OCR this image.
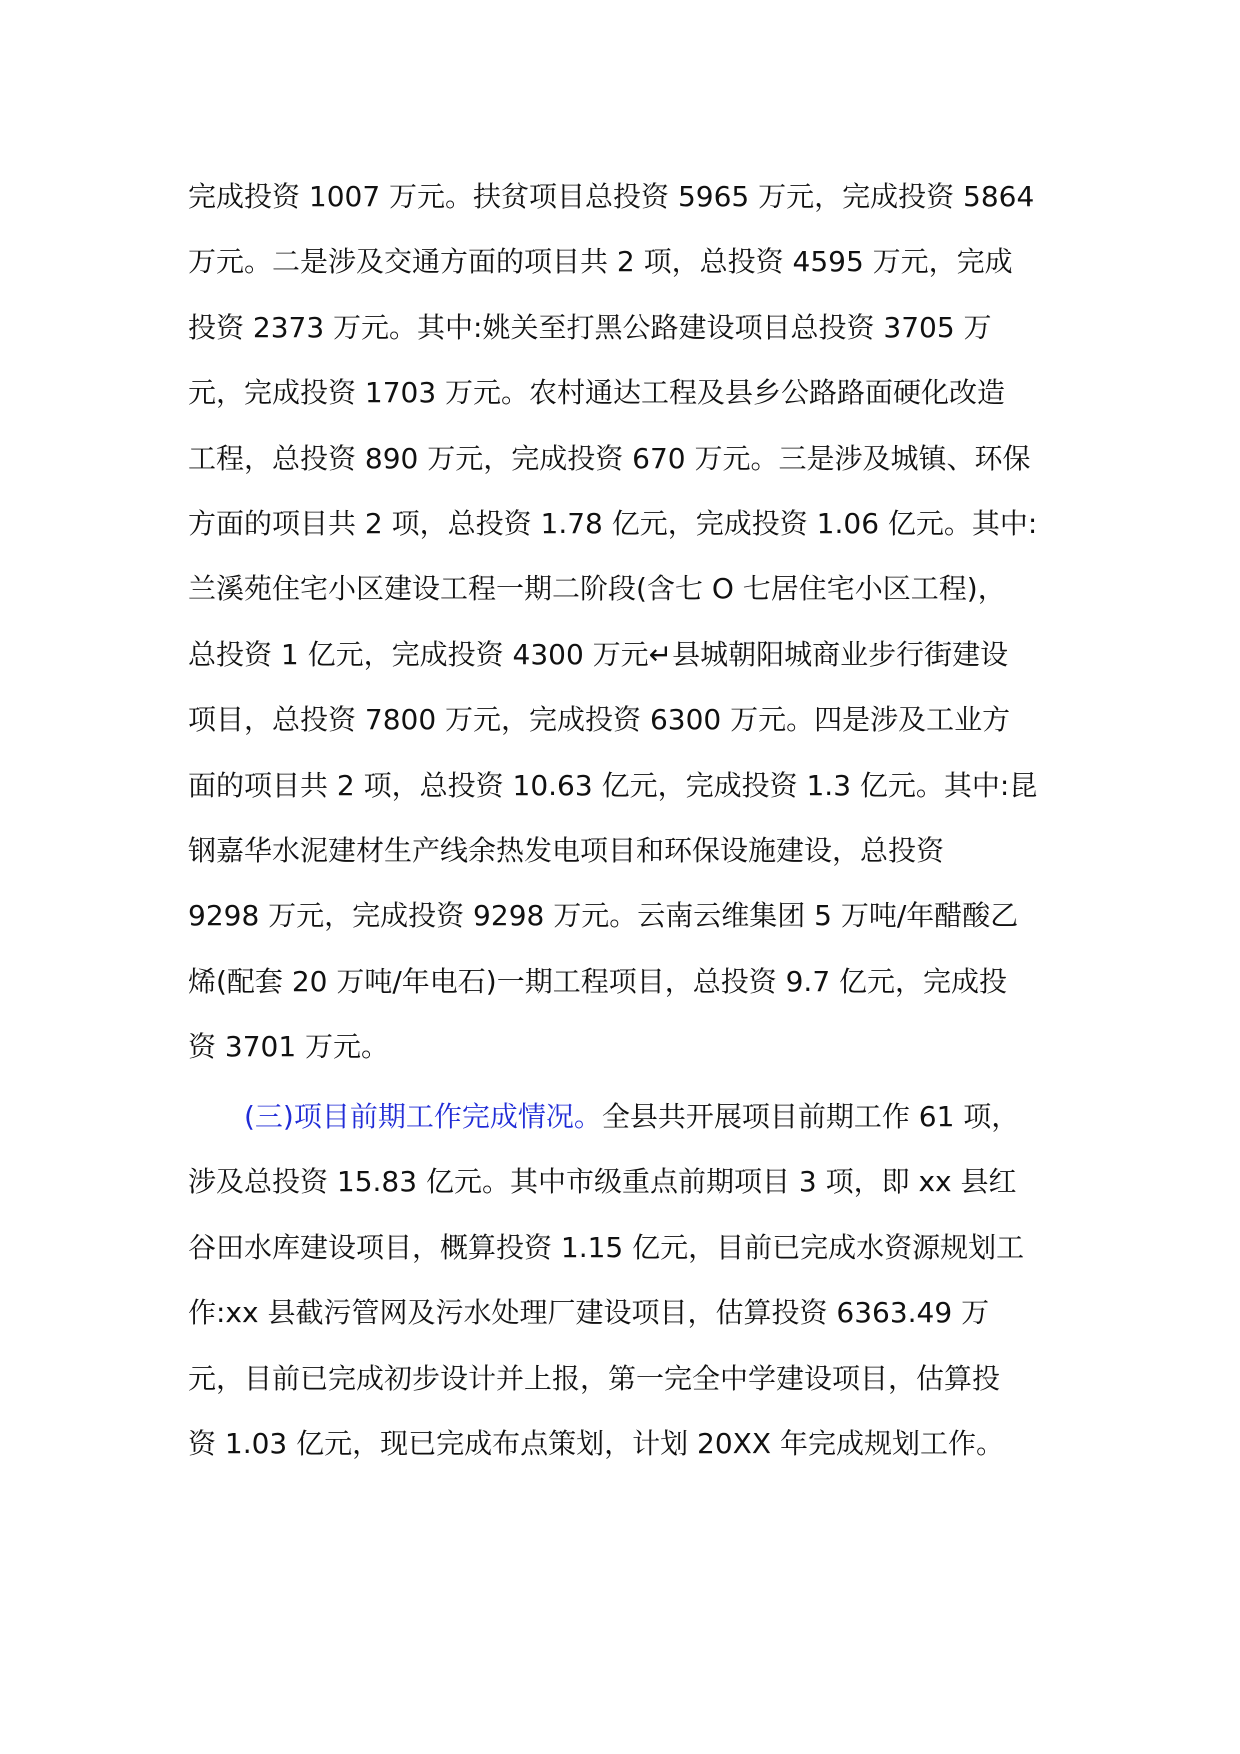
完成投资 1007 万元。扶贫项目总投资 5965 万元，完成投资 5864
万元。二是涉及交通方面的项目共 2 项，总投资 4595 万元，完成
投资 2373 万元。其中:姚关至打黑公路建设项目总投资 3705 万
元，完成投资 1703 万元。农村通达工程及县乡公路路面硬化改造
工程，总投资 890 万元，完成投资 670 万元。三是涉及城镇、环保
方面的项目共 2 项，总投资 1.78 亿元，完成投资 1.06 亿元。其中:
兰溪苑住宅小区建设工程一期二阶段(含七 O 七居住宅小区工程)，
总投资 1 亿元，完成投资 4300 万元↵县城朝阳城商业步行街建设
项目，总投资 7800 万元，完成投资 6300 万元。四是涉及工业方
面的项目共 2 项，总投资 10.63 亿元，完成投资 1.3 亿元。其中:昆
钢嘉华水泥建材生产线余热发电项目和环保设施建设，总投资
9298 万元，完成投资 9298 万元。云南云维集团 5 万吨/年醋酸乙
烯(配套 20 万吨/年电石)一期工程项目，总投资 9.7 亿元，完成投
资 3701 万元。
(三)项目前期工作完成情况。全县共开展项目前期工作 61 项，
涉及总投资 15.83 亿元。其中市级重点前期项目 3 项，即 xx 县红
谷田水库建设项目，概算投资 1.15 亿元，目前已完成水资源规划工
作:xx 县截污管网及污水处理厂建设项目，估算投资 6363.49 万
元，目前已完成初步设计并上报，第一完全中学建设项目，估算投
资 1.03 亿元，现已完成布点策划，计划 20XX 年完成规划工作。
